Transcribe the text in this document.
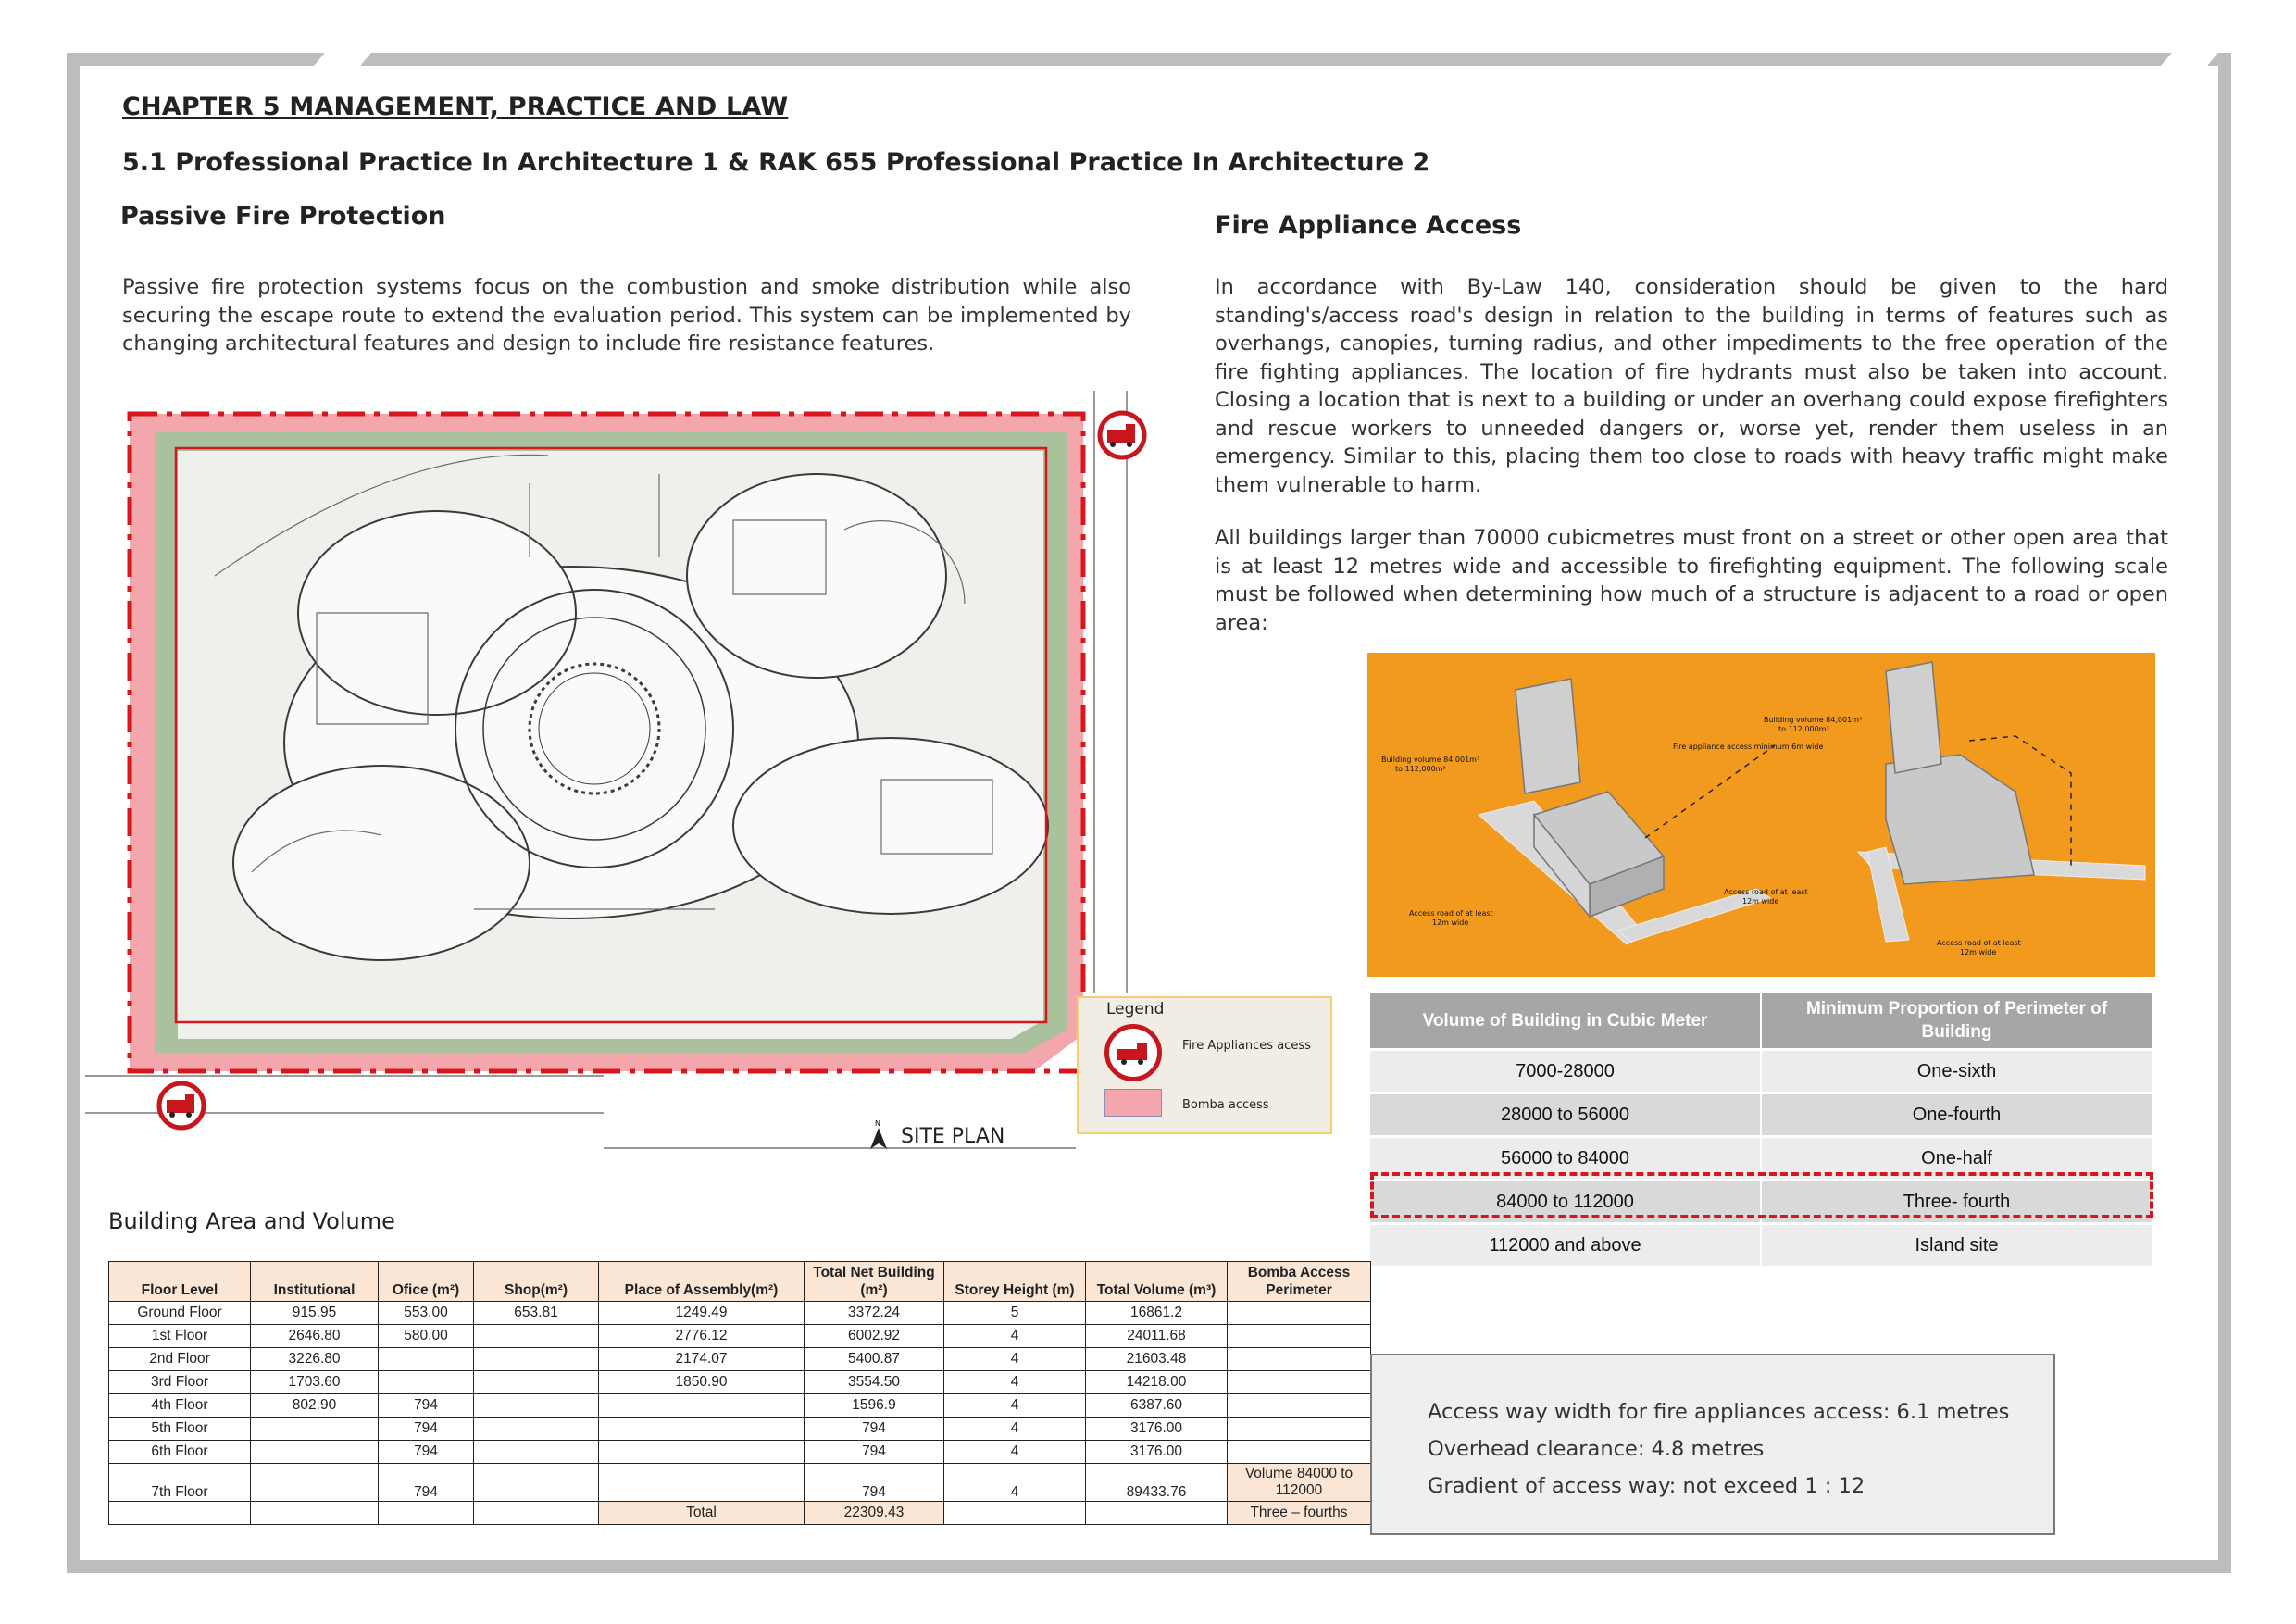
CHAPTER 5 MANAGEMENT, PRACTICE AND LAW
5.1 Professional Practice In Architecture 1 & RAK 655 Professional Practice In Architecture 2
Passive Fire Protection	Fire Appliance Access
Passive fire protection systems focus on the combustion and smoke distribution while also securing the escape route to extend the evaluation period. This system can be implemented by changing architectural features and design to include fire resistance features.
In accordance with By-Law 140, consideration should be given to the hard standing's/access road's design in relation to the building in terms of features such as overhangs, canopies, turning radius, and other impediments to the free operation of the fire fighting appliances. The location of fire hydrants must also be taken into account. Closing a location that is next to a building or under an overhang could expose firefighters and rescue workers to unneeded dangers or, worse yet, render them useless in an emergency. Similar to this, placing them too close to roads with heavy traffic might make them vulnerable to harm.
All buildings larger than 70000 cubicmetres must front on a street or other open area that is at least 12 metres wide and accessible to firefighting equipment. The following scale must be followed when determining how much of a structure is adjacent to a road or open area:
Legend
Fire Appliances acess
Bomba access
N
SITE PLAN
Building volume 84,001m³
to 112,000m³
Building volume 84,001m³
to 112,000m³
Fire appliance access minimum 6m wide
Access road of at least
12m wide
Access road of at least
12m wide
Access road of at least
12m wide
Volume of Building in Cubic Meter	Minimum Proportion of Perimeter of Building
7000-28000	One-sixth
28000 to 56000	One-fourth
56000 to 84000	One-half
84000 to 112000	Three- fourth
112000 and above	Island site
Building Area and Volume
Floor Level	Institutional	Ofice (m²)	Shop(m²)	Place of Assembly(m²)	Total Net Building (m²)	Storey Height (m)	Total Volume (m³)	Bomba Access Perimeter
Ground Floor	915.95	553.00	653.81	1249.49	3372.24	5	16861.2	
1st Floor	2646.80	580.00		2776.12	6002.92	4	24011.68	
2nd Floor	3226.80			2174.07	5400.87	4	21603.48	
3rd Floor	1703.60			1850.90	3554.50	4	14218.00	
4th Floor	802.90	794			1596.9	4	6387.60	
5th Floor		794			794	4	3176.00	
6th Floor		794			794	4	3176.00	
7th Floor		794			794	4	89433.76	Volume 84000 to 112000
				Total	22309.43			Three – fourths
Access way width for fire appliances access: 6.1 metres
Overhead clearance: 4.8 metres
Gradient of access way: not exceed 1 : 12
